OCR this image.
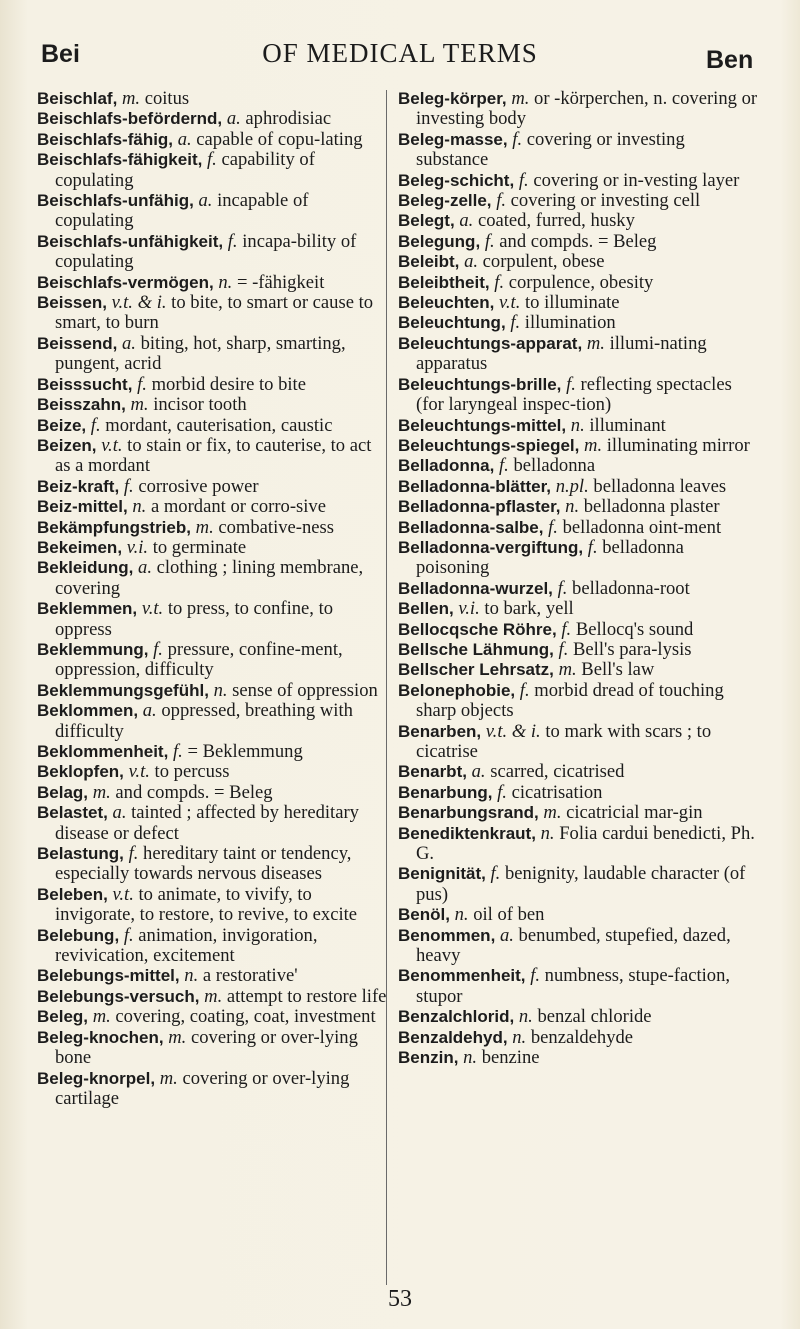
Bei	OF MEDICAL TERMS	Ben

Beischlaf, m. coitus

Beischlafs-befördernd, a. aphrodisiac

Beischlafs-fähig, a. capable of copu-lating

Beischlafs-fähigkeit, f. capability of copulating

Beischlafs-unfähig, a. incapable of copulating

Beischlafs-unfähigkeit, f. incapa-bility of copulating

Beischlafs-vermögen, n. = -fähigkeit

Beissen, v.t. & i. to bite, to smart or cause to smart, to burn

Beissend, a. biting, hot, sharp, smarting, pungent, acrid

Beisssucht, f. morbid desire to bite

Beisszahn, m. incisor tooth

Beize, f. mordant, cauterisation, caustic

Beizen, v.t. to stain or fix, to cauterise, to act as a mordant

Beiz-kraft, f. corrosive power

Beiz-mittel, n. a mordant or corro-sive

Bekämpfungstrieb, m. combative-ness

Bekeimen, v.i. to germinate

Bekleidung, a. clothing ; lining membrane, covering

Beklemmen, v.t. to press, to confine, to oppress

Beklemmung, f. pressure, confine-ment, oppression, difficulty

Beklemmungsgefühl, n. sense of oppression

Beklommen, a. oppressed, breathing with difficulty

Beklommenheit, f. = Beklemmung

Beklopfen, v.t. to percuss

Belag, m. and compds. = Beleg

Belastet, a. tainted ; affected by hereditary disease or defect

Belastung, f. hereditary taint or tendency, especially towards nervous diseases

Beleben, v.t. to animate, to vivify, to invigorate, to restore, to revive, to excite

Belebung, f. animation, invigoration, revivication, excitement

Belebungs-mittel, n. a restorative'

Belebungs-versuch, m. attempt to restore life

Beleg, m. covering, coating, coat, investment

Beleg-knochen, m. covering or over-lying bone

Beleg-knorpel, m. covering or over-lying cartilage

Beleg-körper, m. or -körperchen, n. covering or investing body

Beleg-masse, f. covering or investing substance

Beleg-schicht, f. covering or in-vesting layer

Beleg-zelle, f. covering or investing cell

Belegt, a. coated, furred, husky

Belegung, f. and compds. = Beleg

Beleibt, a. corpulent, obese

Beleibtheit, f. corpulence, obesity

Beleuchten, v.t. to illuminate

Beleuchtung, f. illumination

Beleuchtungs-apparat, m. illumi-nating apparatus

Beleuchtungs-brille, f. reflecting spectacles (for laryngeal inspec-tion)

Beleuchtungs-mittel, n. illuminant

Beleuchtungs-spiegel, m. illuminating mirror

Belladonna, f. belladonna

Belladonna-blätter, n.pl. belladonna leaves

Belladonna-pflaster, n. belladonna plaster

Belladonna-salbe, f. belladonna oint-ment

Belladonna-vergiftung, f. belladonna poisoning

Belladonna-wurzel, f. belladonna-root

Bellen, v.i. to bark, yell

Bellocqsche Röhre, f. Bellocq's sound

Bellsche Lähmung, f. Bell's para-lysis

Bellscher Lehrsatz, m. Bell's law

Belonephobie, f. morbid dread of touching sharp objects

Benarben, v.t. & i. to mark with scars ; to cicatrise

Benarbt, a. scarred, cicatrised

Benarbung, f. cicatrisation

Benarbungsrand, m. cicatricial mar-gin

Benediktenkraut, n. Folia cardui benedicti, Ph. G.

Benignität, f. benignity, laudable character (of pus)

Benöl, n. oil of ben

Benommen, a. benumbed, stupefied, dazed, heavy

Benommenheit, f. numbness, stupe-faction, stupor

Benzalchlorid, n. benzal chloride

Benzaldehyd, n. benzaldehyde

Benzin, n. benzine

53
